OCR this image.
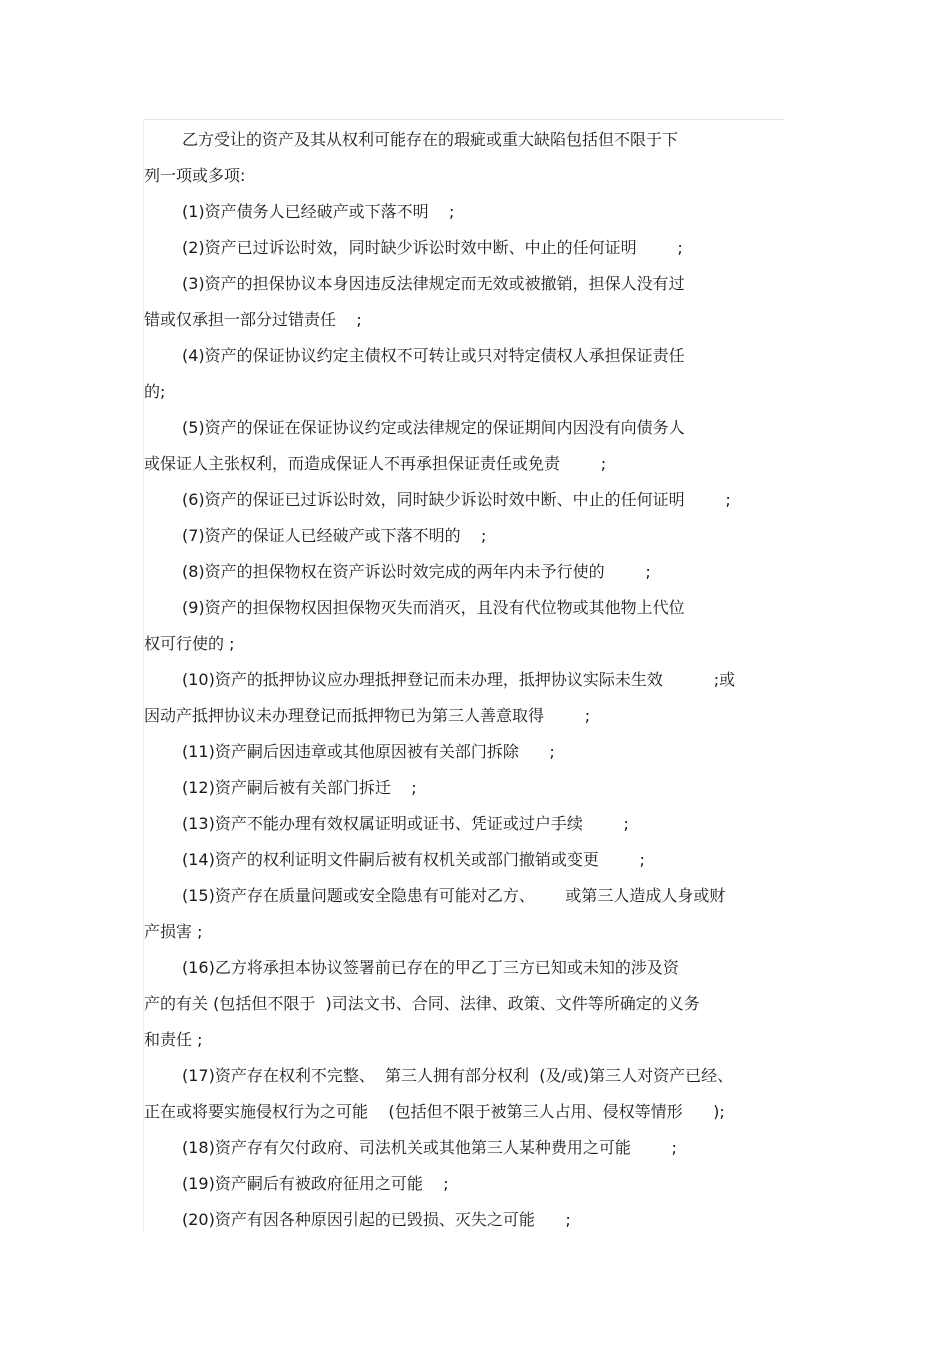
乙方受让的资产及其从权利可能存在的瑕疵或重大缺陷包括但不限于下
列一项或多项:
(1)资产债务人已经破产或下落不明    ;
(2)资产已过诉讼时效，同时缺少诉讼时效中断、中止的任何证明        ;
(3)资产的担保协议本身因违反法律规定而无效或被撤销，担保人没有过
错或仅承担一部分过错责任    ;
(4)资产的保证协议约定主债权不可转让或只对特定债权人承担保证责任
的;
(5)资产的保证在保证协议约定或法律规定的保证期间内因没有向债务人
或保证人主张权利，而造成保证人不再承担保证责任或免责        ;
(6)资产的保证已过诉讼时效，同时缺少诉讼时效中断、中止的任何证明        ;
(7)资产的保证人已经破产或下落不明的    ;
(8)资产的担保物权在资产诉讼时效完成的两年内未予行使的        ;
(9)资产的担保物权因担保物灭失而消灭，且没有代位物或其他物上代位
权可行使的 ;
(10)资产的抵押协议应办理抵押登记而未办理，抵押协议实际未生效          ;或
因动产抵押协议未办理登记而抵押物已为第三人善意取得        ;
(11)资产嗣后因违章或其他原因被有关部门拆除      ;
(12)资产嗣后被有关部门拆迁    ;
(13)资产不能办理有效权属证明或证书、凭证或过户手续        ;
(14)资产的权利证明文件嗣后被有权机关或部门撤销或变更        ;
(15)资产存在质量问题或安全隐患有可能对乙方、      或第三人造成人身或财
产损害 ;
(16)乙方将承担本协议签署前已存在的甲乙丁三方已知或未知的涉及资
产的有关 (包括但不限于  )司法文书、合同、法律、政策、文件等所确定的义务
和责任 ;
(17)资产存在权利不完整、  第三人拥有部分权利  (及/或)第三人对资产已经、
正在或将要实施侵权行为之可能    (包括但不限于被第三人占用、侵权等情形      );
(18)资产存有欠付政府、司法机关或其他第三人某种费用之可能        ;
(19)资产嗣后有被政府征用之可能    ;
(20)资产有因各种原因引起的已毁损、灭失之可能      ;
